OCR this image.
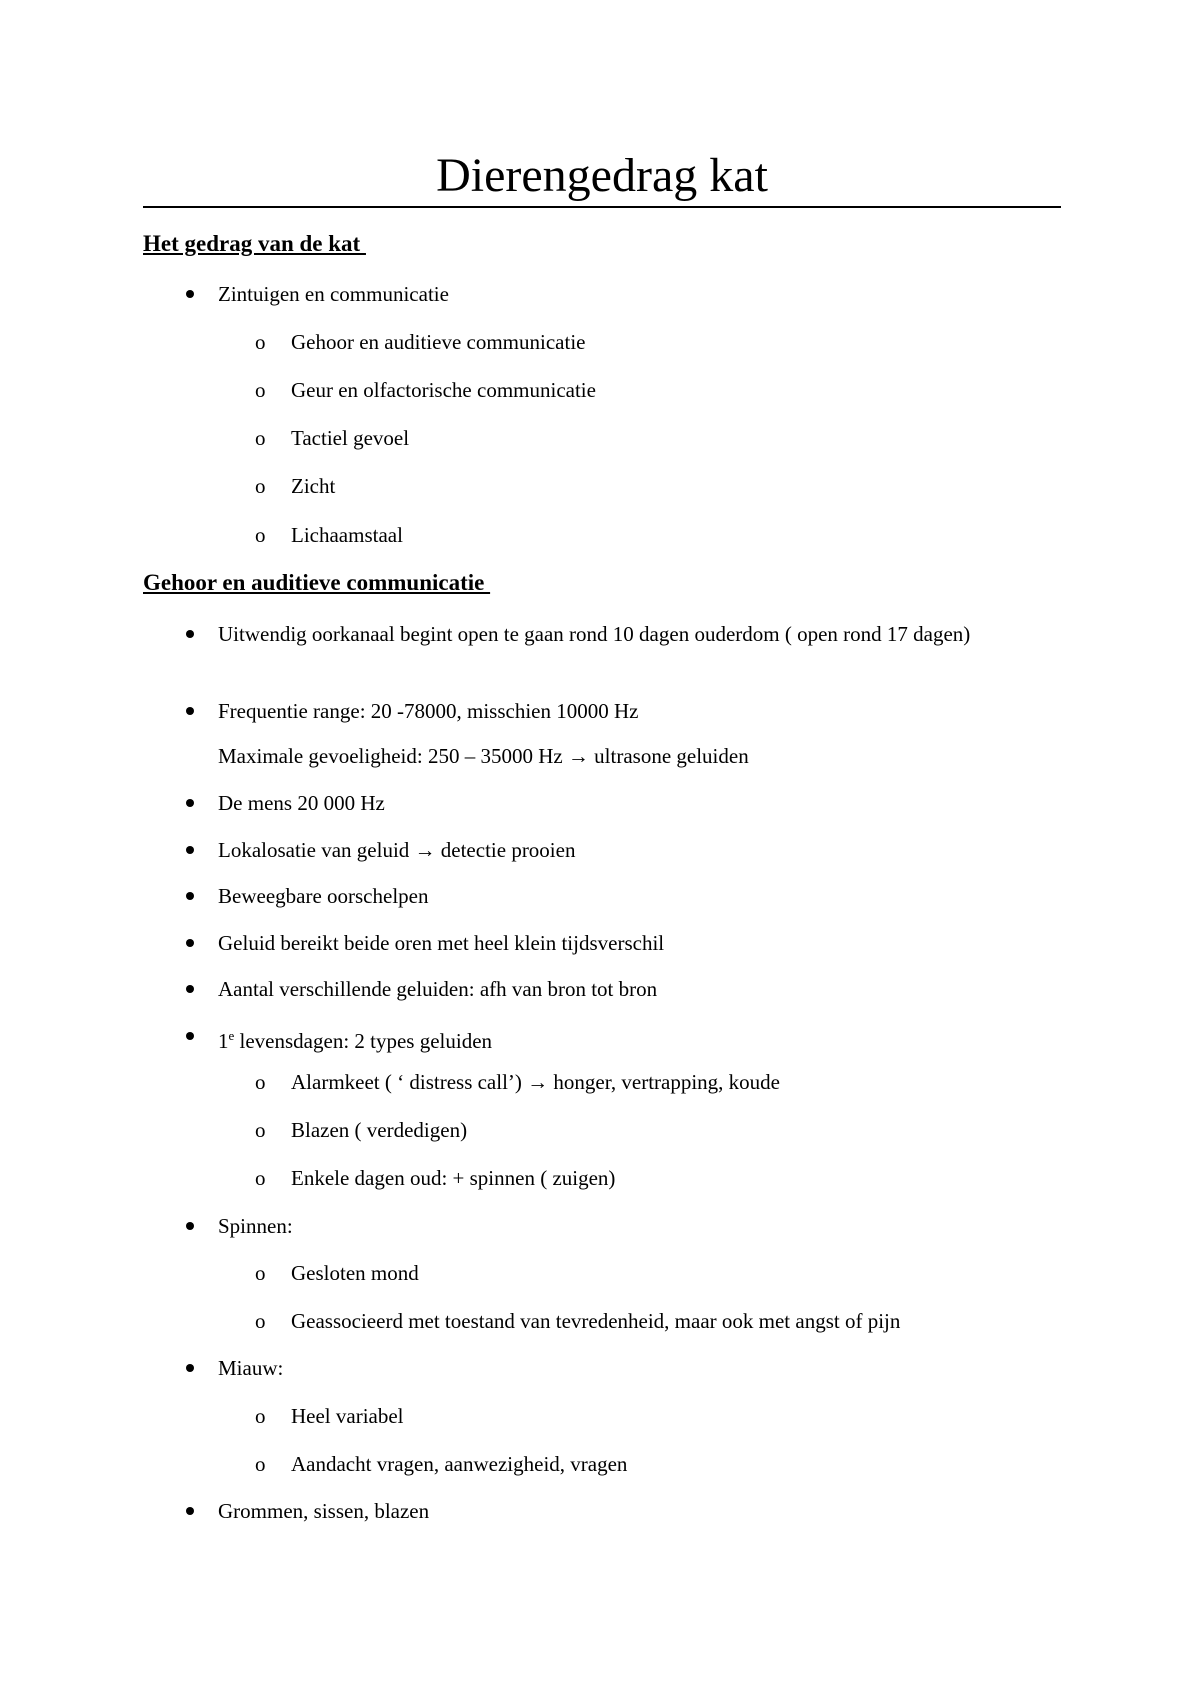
Dierengedrag kat
Het gedrag van de kat
Zintuigen en communicatie
o Gehoor en auditieve communicatie
o Geur en olfactorische communicatie
o Tactiel gevoel
o Zicht
o Lichaamstaal
Gehoor en auditieve communicatie
Uitwendig oorkanaal begint open te gaan rond 10 dagen ouderdom ( open rond 17 dagen)
Frequentie range: 20 -78000, misschien 10000 Hz
Maximale gevoeligheid: 250 – 35000 Hz → ultrasone geluiden
De mens 20 000 Hz
Lokalosatie van geluid → detectie prooien
Beweegbare oorschelpen
Geluid bereikt beide oren met heel klein tijdsverschil
Aantal verschillende geluiden: afh van bron tot bron
1e levensdagen: 2 types geluiden
o Alarmkeet ( ‘ distress call’) → honger, vertrapping, koude
o Blazen ( verdedigen)
o Enkele dagen oud: + spinnen ( zuigen)
Spinnen:
o Gesloten mond
o Geassocieerd met toestand van tevredenheid, maar ook met angst of pijn
Miauw:
o Heel variabel
o Aandacht vragen, aanwezigheid, vragen
Grommen, sissen, blazen
